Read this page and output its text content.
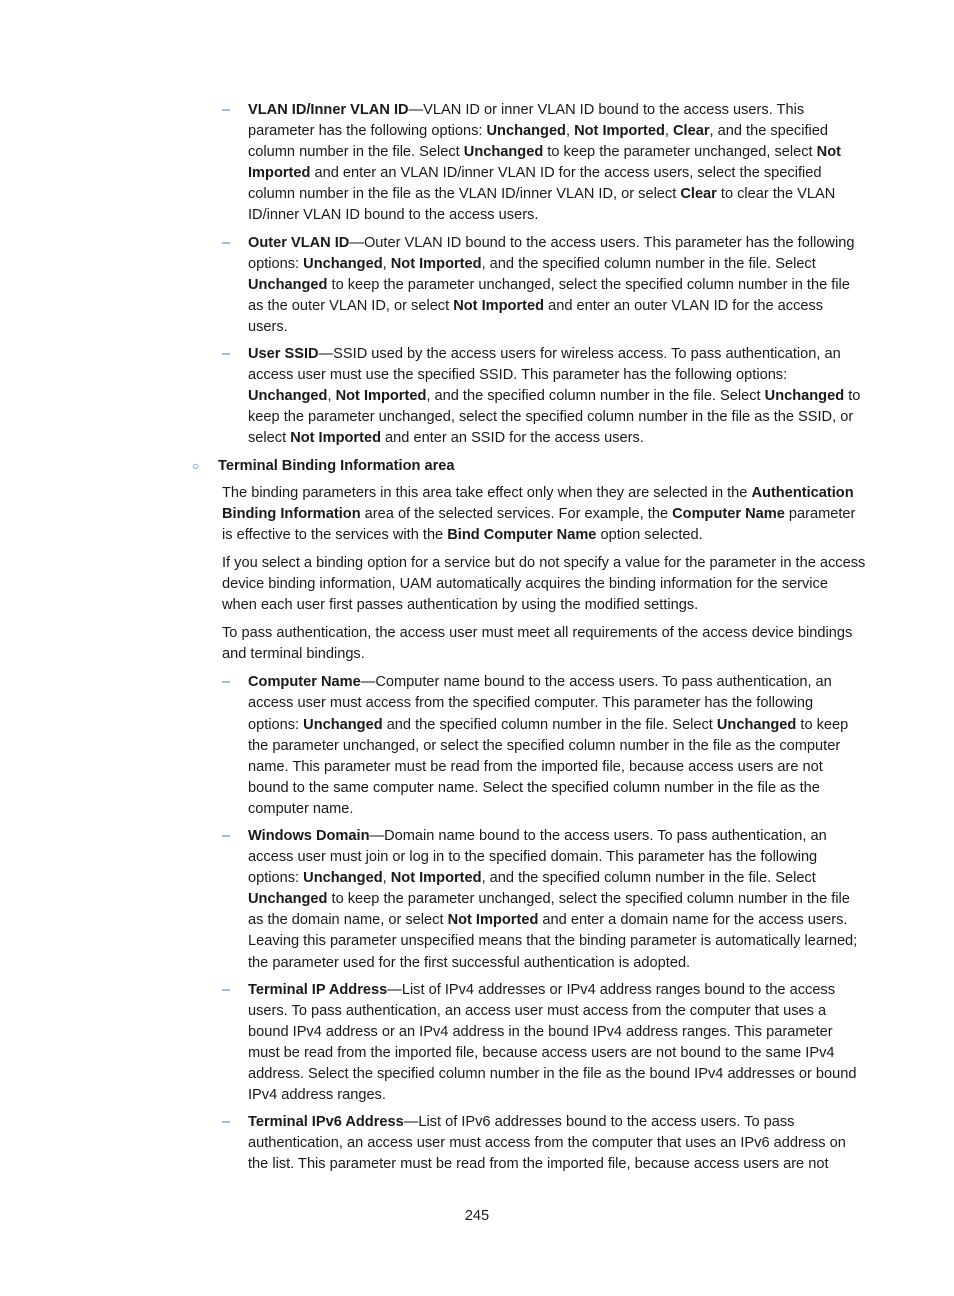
– VLAN ID/Inner VLAN ID—VLAN ID or inner VLAN ID bound to the access users. This parameter has the following options: Unchanged, Not Imported, Clear, and the specified column number in the file. Select Unchanged to keep the parameter unchanged, select Not Imported and enter an VLAN ID/inner VLAN ID for the access users, select the specified column number in the file as the VLAN ID/inner VLAN ID, or select Clear to clear the VLAN ID/inner VLAN ID bound to the access users.
– Outer VLAN ID—Outer VLAN ID bound to the access users. This parameter has the following options: Unchanged, Not Imported, and the specified column number in the file. Select Unchanged to keep the parameter unchanged, select the specified column number in the file as the outer VLAN ID, or select Not Imported and enter an outer VLAN ID for the access users.
– User SSID—SSID used by the access users for wireless access. To pass authentication, an access user must use the specified SSID. This parameter has the following options: Unchanged, Not Imported, and the specified column number in the file. Select Unchanged to keep the parameter unchanged, select the specified column number in the file as the SSID, or select Not Imported and enter an SSID for the access users.
○ Terminal Binding Information area
The binding parameters in this area take effect only when they are selected in the Authentication Binding Information area of the selected services. For example, the Computer Name parameter is effective to the services with the Bind Computer Name option selected.
If you select a binding option for a service but do not specify a value for the parameter in the access device binding information, UAM automatically acquires the binding information for the service when each user first passes authentication by using the modified settings.
To pass authentication, the access user must meet all requirements of the access device bindings and terminal bindings.
– Computer Name—Computer name bound to the access users. To pass authentication, an access user must access from the specified computer. This parameter has the following options: Unchanged and the specified column number in the file. Select Unchanged to keep the parameter unchanged, or select the specified column number in the file as the computer name. This parameter must be read from the imported file, because access users are not bound to the same computer name. Select the specified column number in the file as the computer name.
– Windows Domain—Domain name bound to the access users. To pass authentication, an access user must join or log in to the specified domain. This parameter has the following options: Unchanged, Not Imported, and the specified column number in the file. Select Unchanged to keep the parameter unchanged, select the specified column number in the file as the domain name, or select Not Imported and enter a domain name for the access users. Leaving this parameter unspecified means that the binding parameter is automatically learned; the parameter used for the first successful authentication is adopted.
– Terminal IP Address—List of IPv4 addresses or IPv4 address ranges bound to the access users. To pass authentication, an access user must access from the computer that uses a bound IPv4 address or an IPv4 address in the bound IPv4 address ranges. This parameter must be read from the imported file, because access users are not bound to the same IPv4 address. Select the specified column number in the file as the bound IPv4 addresses or bound IPv4 address ranges.
– Terminal IPv6 Address—List of IPv6 addresses bound to the access users. To pass authentication, an access user must access from the computer that uses an IPv6 address on the list. This parameter must be read from the imported file, because access users are not
245
